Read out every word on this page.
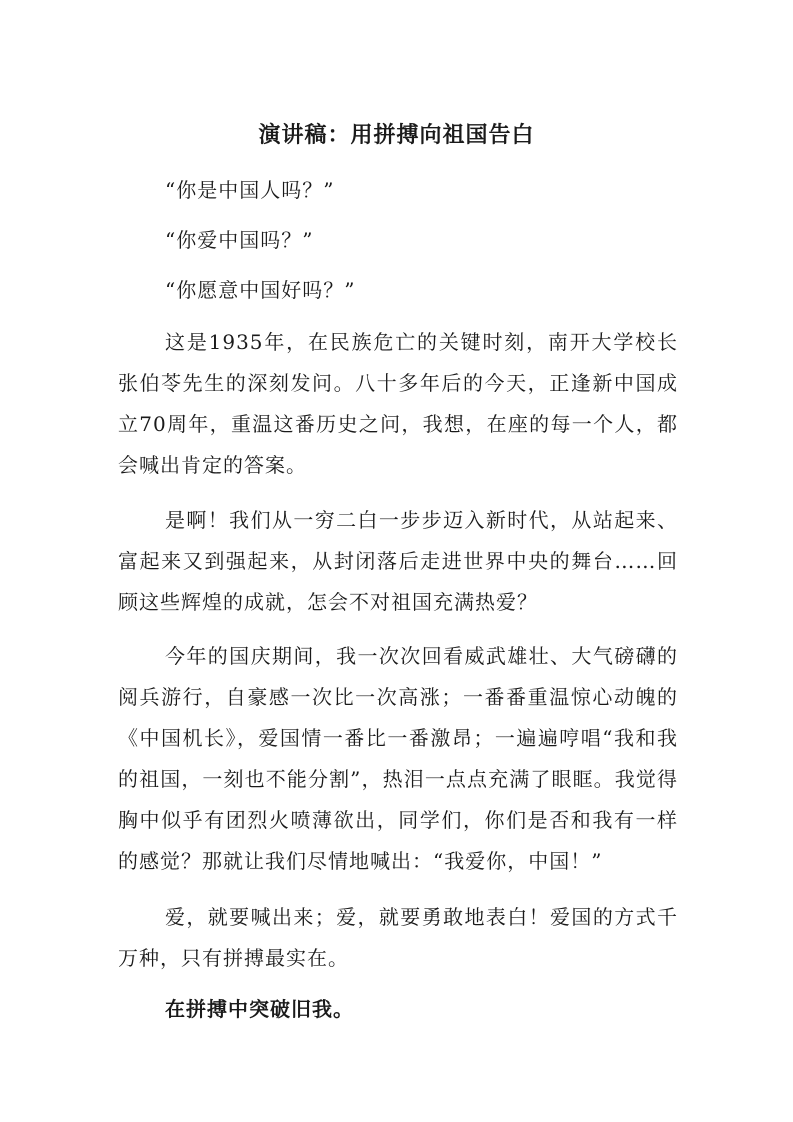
演讲稿：用拼搏向祖国告白
“你是中国人吗？”
“你爱中国吗？”
“你愿意中国好吗？”
这是1935年，在民族危亡的关键时刻，南开大学校长张伯苓先生的深刻发问。八十多年后的今天，正逢新中国成立70周年，重温这番历史之问，我想，在座的每一个人，都会喊出肯定的答案。
是啊！我们从一穷二白一步步迈入新时代，从站起来、富起来又到强起来，从封闭落后走进世界中央的舞台……回顾这些辉煌的成就，怎会不对祖国充满热爱？
今年的国庆期间，我一次次回看威武雄壮、大气磅礴的阅兵游行，自豪感一次比一次高涨；一番番重温惊心动魄的《中国机长》，爱国情一番比一番激昂；一遍遍哼唱“我和我的祖国，一刻也不能分割”，热泪一点点充满了眼眶。我觉得胸中似乎有团烈火喷薄欲出，同学们，你们是否和我有一样的感觉？那就让我们尽情地喊出：“我爱你，中国！”
爱，就要喊出来；爱，就要勇敢地表白！爱国的方式千万种，只有拼搏最实在。
在拼搏中突破旧我。
